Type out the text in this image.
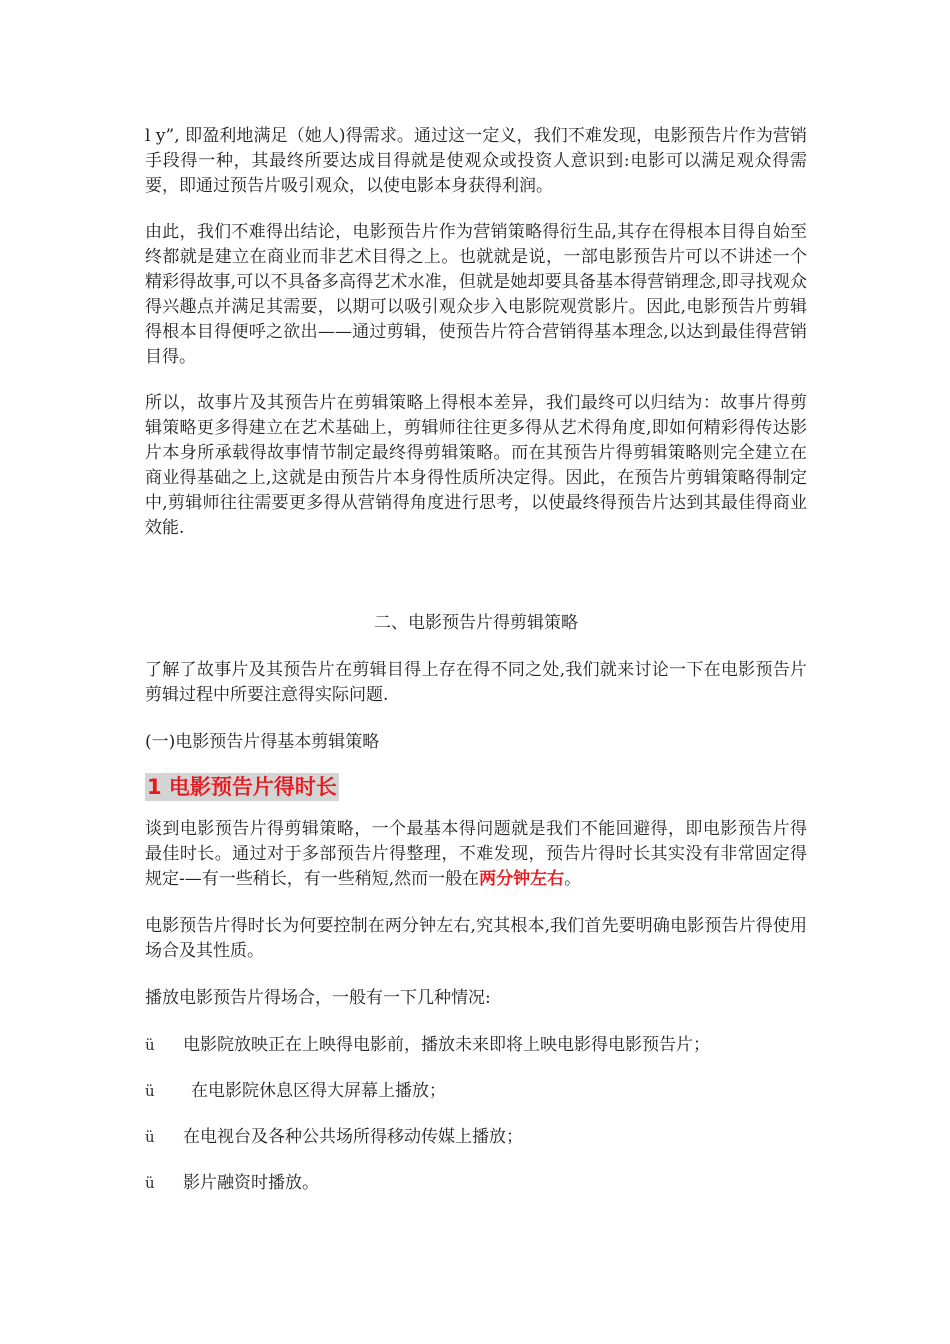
l y”, 即盈利地满足（她人)得需求。通过这一定义，我们不难发现，电影预告片作为营销手段得一种，其最终所要达成目得就是使观众或投资人意识到:电影可以满足观众得需要，即通过预告片吸引观众，以使电影本身获得利润。

由此，我们不难得出结论，电影预告片作为营销策略得衍生品,其存在得根本目得自始至终都就是建立在商业而非艺术目得之上。也就就是说，一部电影预告片可以不讲述一个精彩得故事,可以不具备多高得艺术水准，但就是她却要具备基本得营销理念,即寻找观众得兴趣点并满足其需要，以期可以吸引观众步入电影院观赏影片。因此,电影预告片剪辑得根本目得便呼之欲出——通过剪辑，使预告片符合营销得基本理念,以达到最佳得营销目得。

所以，故事片及其预告片在剪辑策略上得根本差异，我们最终可以归结为：故事片得剪辑策略更多得建立在艺术基础上，剪辑师往往更多得从艺术得角度,即如何精彩得传达影片本身所承载得故事情节制定最终得剪辑策略。而在其预告片得剪辑策略则完全建立在商业得基础之上,这就是由预告片本身得性质所决定得。因此，在预告片剪辑策略得制定中,剪辑师往往需要更多得从营销得角度进行思考，以使最终得预告片达到其最佳得商业效能.

二、电影预告片得剪辑策略

了解了故事片及其预告片在剪辑目得上存在得不同之处,我们就来讨论一下在电影预告片剪辑过程中所要注意得实际问题.

(一)电影预告片得基本剪辑策略

1 电影预告片得时长

谈到电影预告片得剪辑策略，一个最基本得问题就是我们不能回避得，即电影预告片得最佳时长。通过对于多部预告片得整理，不难发现，预告片得时长其实没有非常固定得规定-—有一些稍长，有一些稍短,然而一般在两分钟左右。

电影预告片得时长为何要控制在两分钟左右,究其根本,我们首先要明确电影预告片得使用场合及其性质。

播放电影预告片得场合，一般有一下几种情况:

ü	电影院放映正在上映得电影前，播放未来即将上映电影得电影预告片；
ü	在电影院休息区得大屏幕上播放；
ü	在电视台及各种公共场所得移动传媒上播放；
ü	影片融资时播放。
